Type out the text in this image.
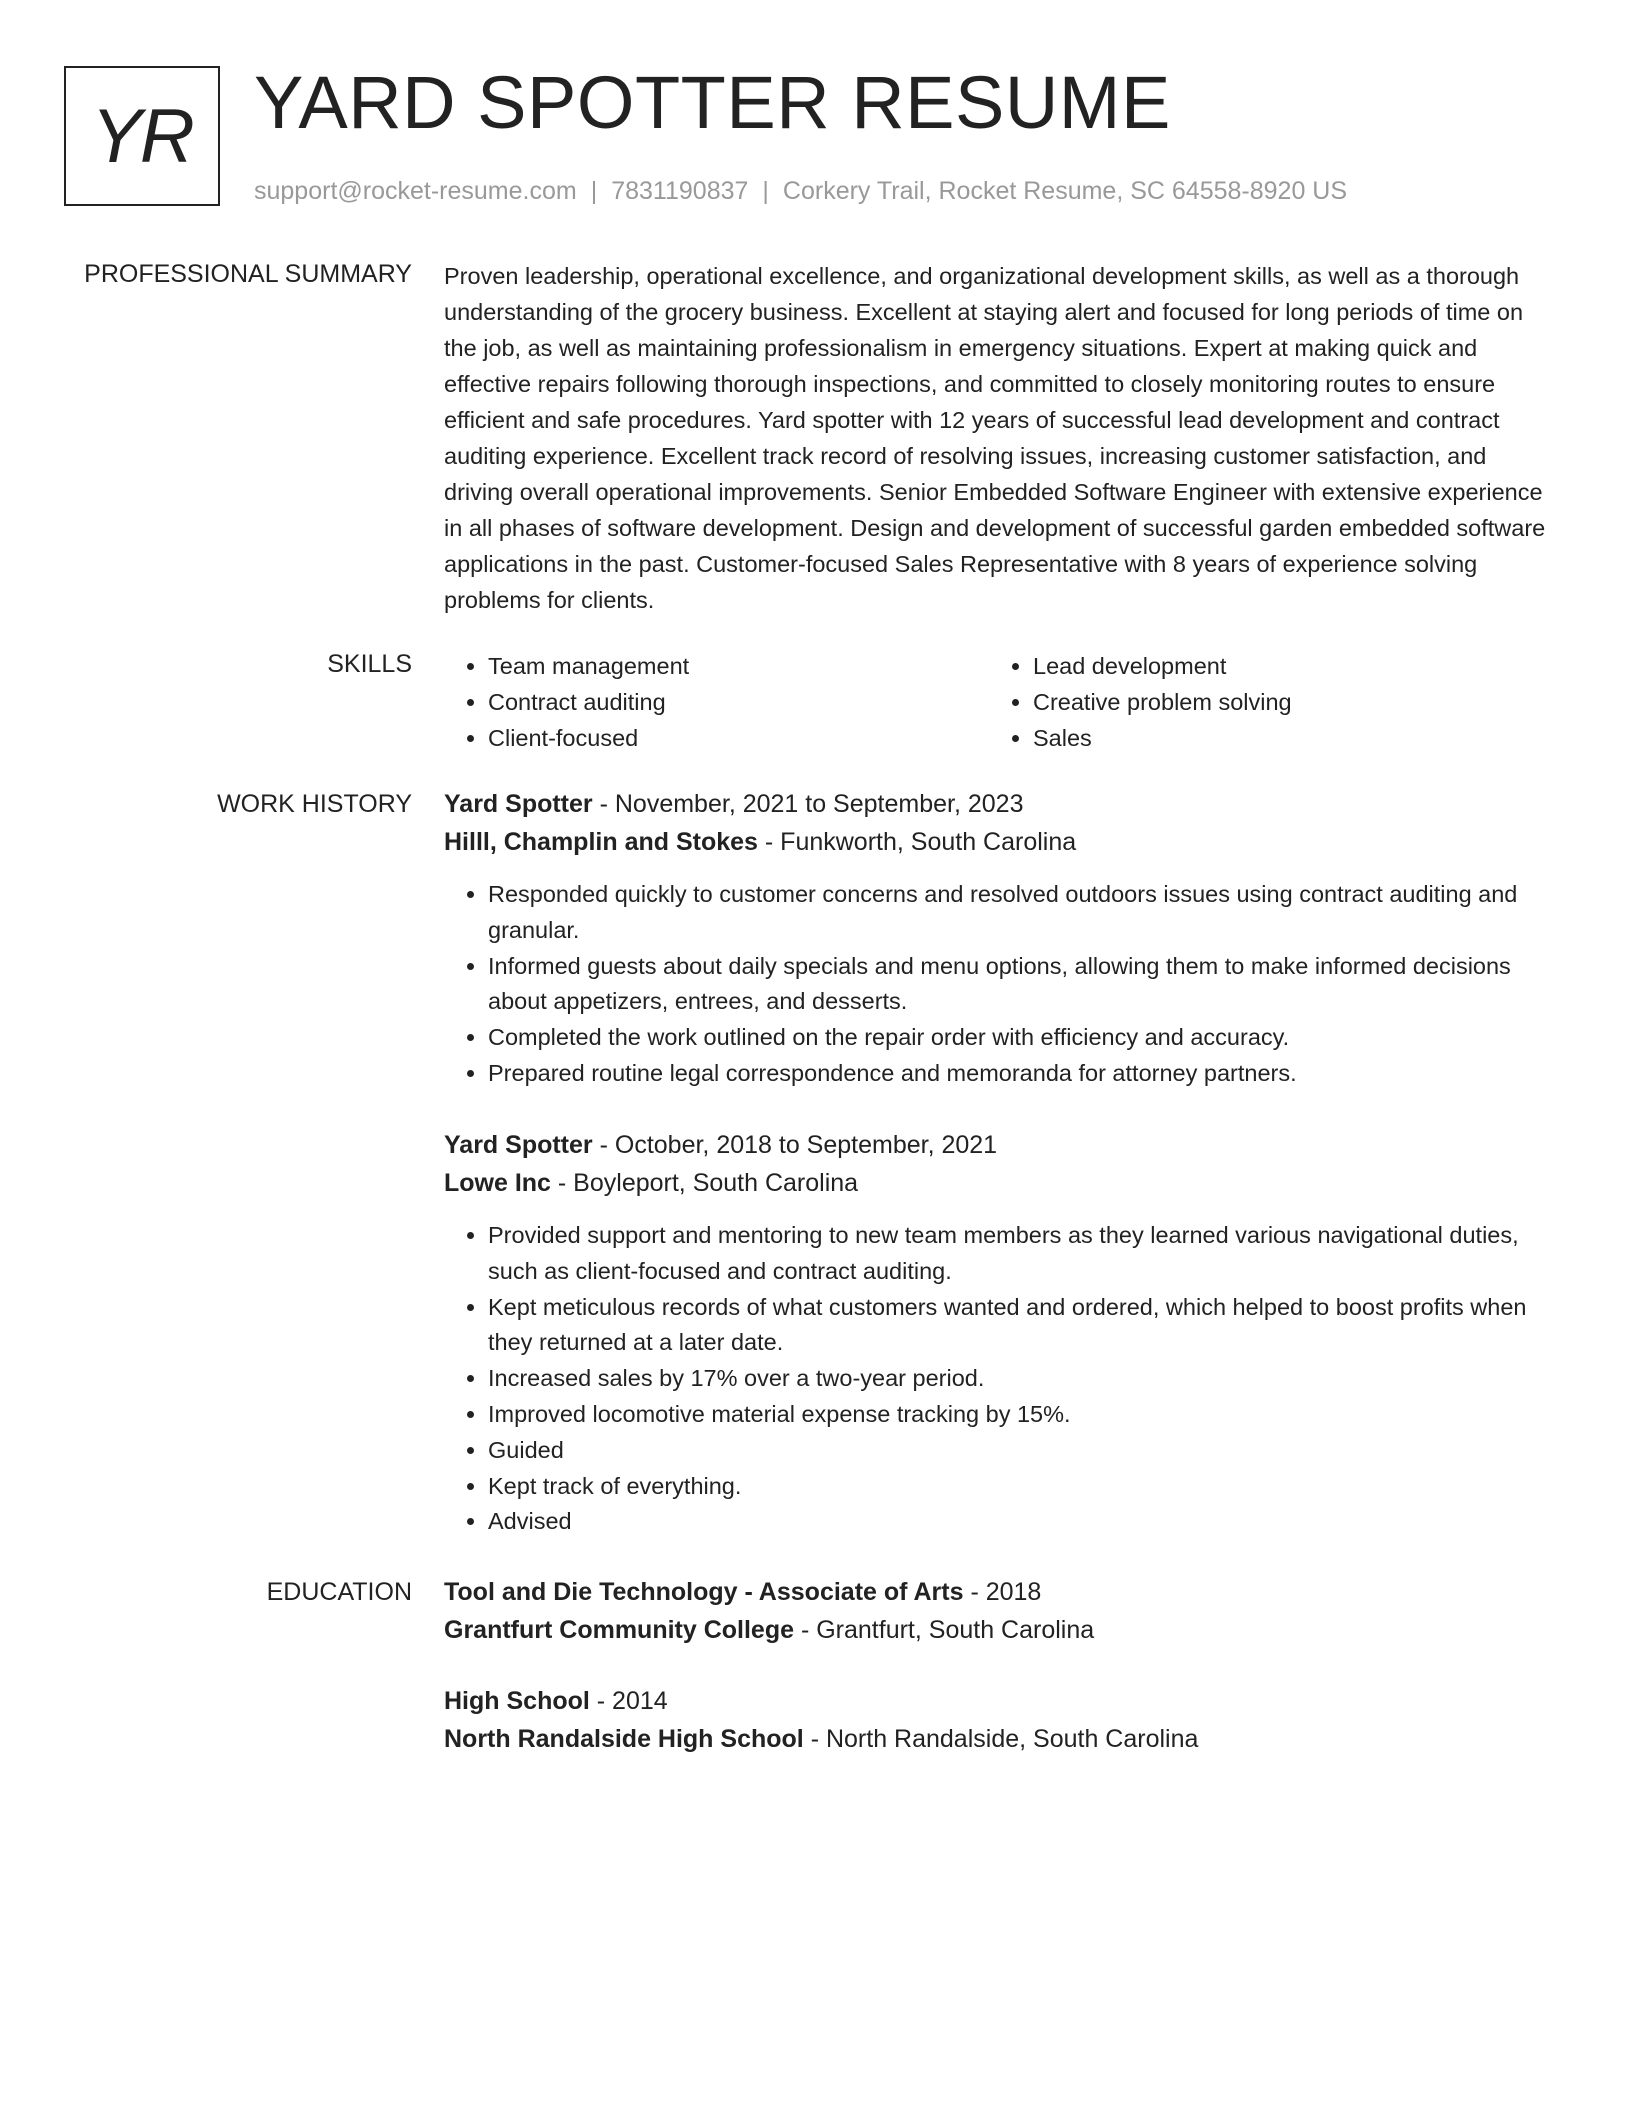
YR YARD SPOTTER RESUME
support@rocket-resume.com | 7831190837 | Corkery Trail, Rocket Resume, SC 64558-8920 US
PROFESSIONAL SUMMARY Proven leadership, operational excellence, and organizational development skills, as well as a thorough understanding of the grocery business. Excellent at staying alert and focused for long periods of time on the job, as well as maintaining professionalism in emergency situations. Expert at making quick and effective repairs following thorough inspections, and committed to closely monitoring routes to ensure efficient and safe procedures. Yard spotter with 12 years of successful lead development and contract auditing experience. Excellent track record of resolving issues, increasing customer satisfaction, and driving overall operational improvements. Senior Embedded Software Engineer with extensive experience in all phases of software development. Design and development of successful garden embedded software applications in the past. Customer-focused Sales Representative with 8 years of experience solving problems for clients.
SKILLS
•	Team management
• Contract auditing
• Client-focused
• Lead development
• Creative problem solving
• Sales
WORK HISTORY Yard Spotter - November, 2021 to September, 2023
Hilll, Champlin and Stokes - Funkworth, South Carolina
• Responded quickly to customer concerns and resolved outdoors issues using contract auditing and granular.
• Informed guests about daily specials and menu options, allowing them to make informed decisions about appetizers, entrees, and desserts.
• Completed the work outlined on the repair order with efficiency and accuracy.
• Prepared routine legal correspondence and memoranda for attorney partners.
Yard Spotter - October, 2018 to September, 2021
Lowe Inc - Boyleport, South Carolina
• Provided support and mentoring to new team members as they learned various navigational duties, such as client-focused and contract auditing.
• Kept meticulous records of what customers wanted and ordered, which helped to boost profits when they returned at a later date.
• Increased sales by 17% over a two-year period.
• Improved locomotive material expense tracking by 15%.
• Guided
• Kept track of everything.
• Advised
EDUCATION Tool and Die Technology - Associate of Arts - 2018
Grantfurt Community College - Grantfurt, South Carolina
High School - 2014
North Randalside High School - North Randalside, South Carolina
